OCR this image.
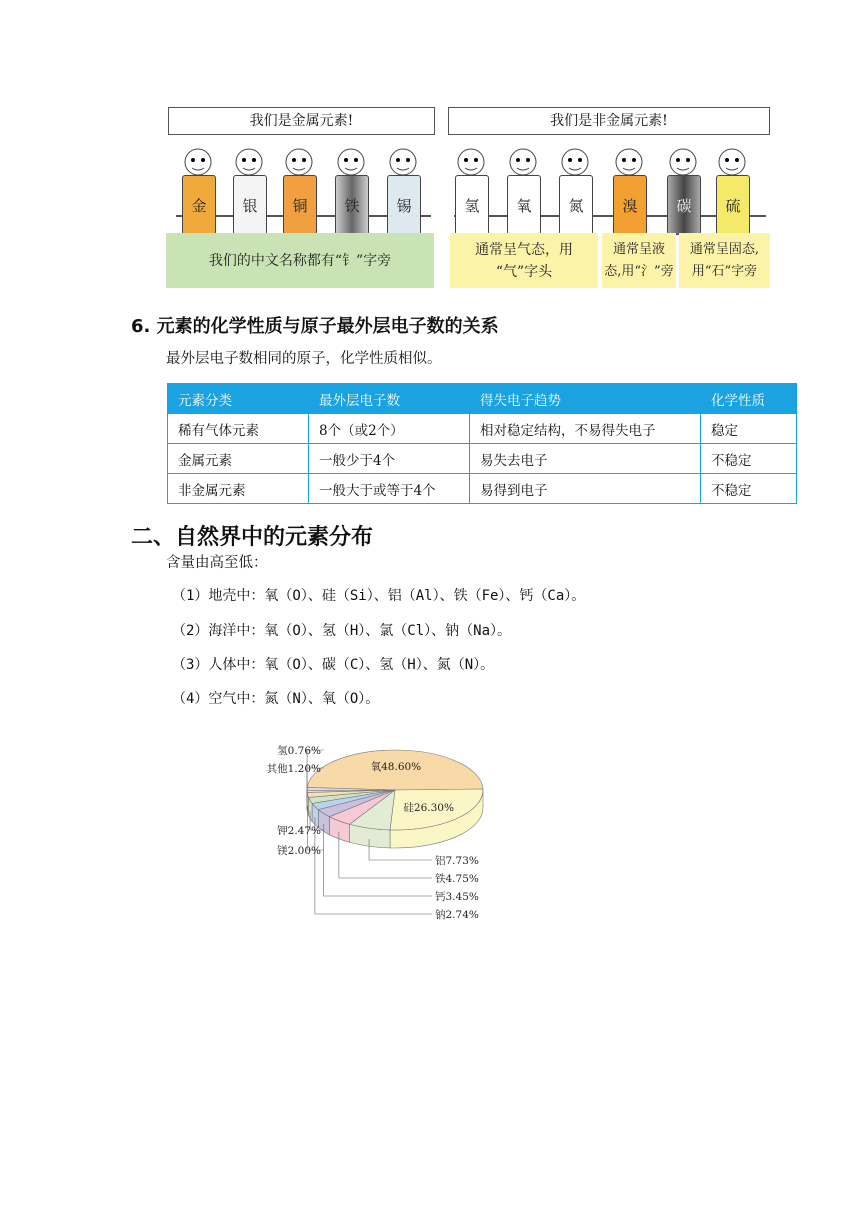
我们是金属元素!	我们是非金属元素!
金	银	铜	铁	锡	氢	氧	氮	溴	碳	硫
我们的中文名称都有“钅”字旁
通常呈气态，用
“气”字头
通常呈液
态,用“氵”旁
通常呈固态,
用“石”字旁
6. 元素的化学性质与原子最外层电子数的关系
最外层电子数相同的原子，化学性质相似。
元素分类	最外层电子数	得失电子趋势	化学性质
稀有气体元素	8个（或2个）	相对稳定结构，不易得失电子	稳定
金属元素	一般少于4个	易失去电子	不稳定
非金属元素	一般大于或等于4个	易得到电子	不稳定
二、自然界中的元素分布
含量由高至低：
（1）地壳中：氧（O）、硅（Si）、铝（Al）、铁（Fe）、钙（Ca）。
（2）海洋中：氧（O）、氢（H）、氯（Cl）、钠（Na）。
（3）人体中：氧（O）、碳（C）、氢（H）、氮（N）。
（4）空气中：氮（N）、氧（O）。
氧48.60%
硅26.30%
铝7.73%
铁4.75%
钙3.45%
钠2.74%
钾2.47%
镁2.00%
氢0.76%
其他1.20%
